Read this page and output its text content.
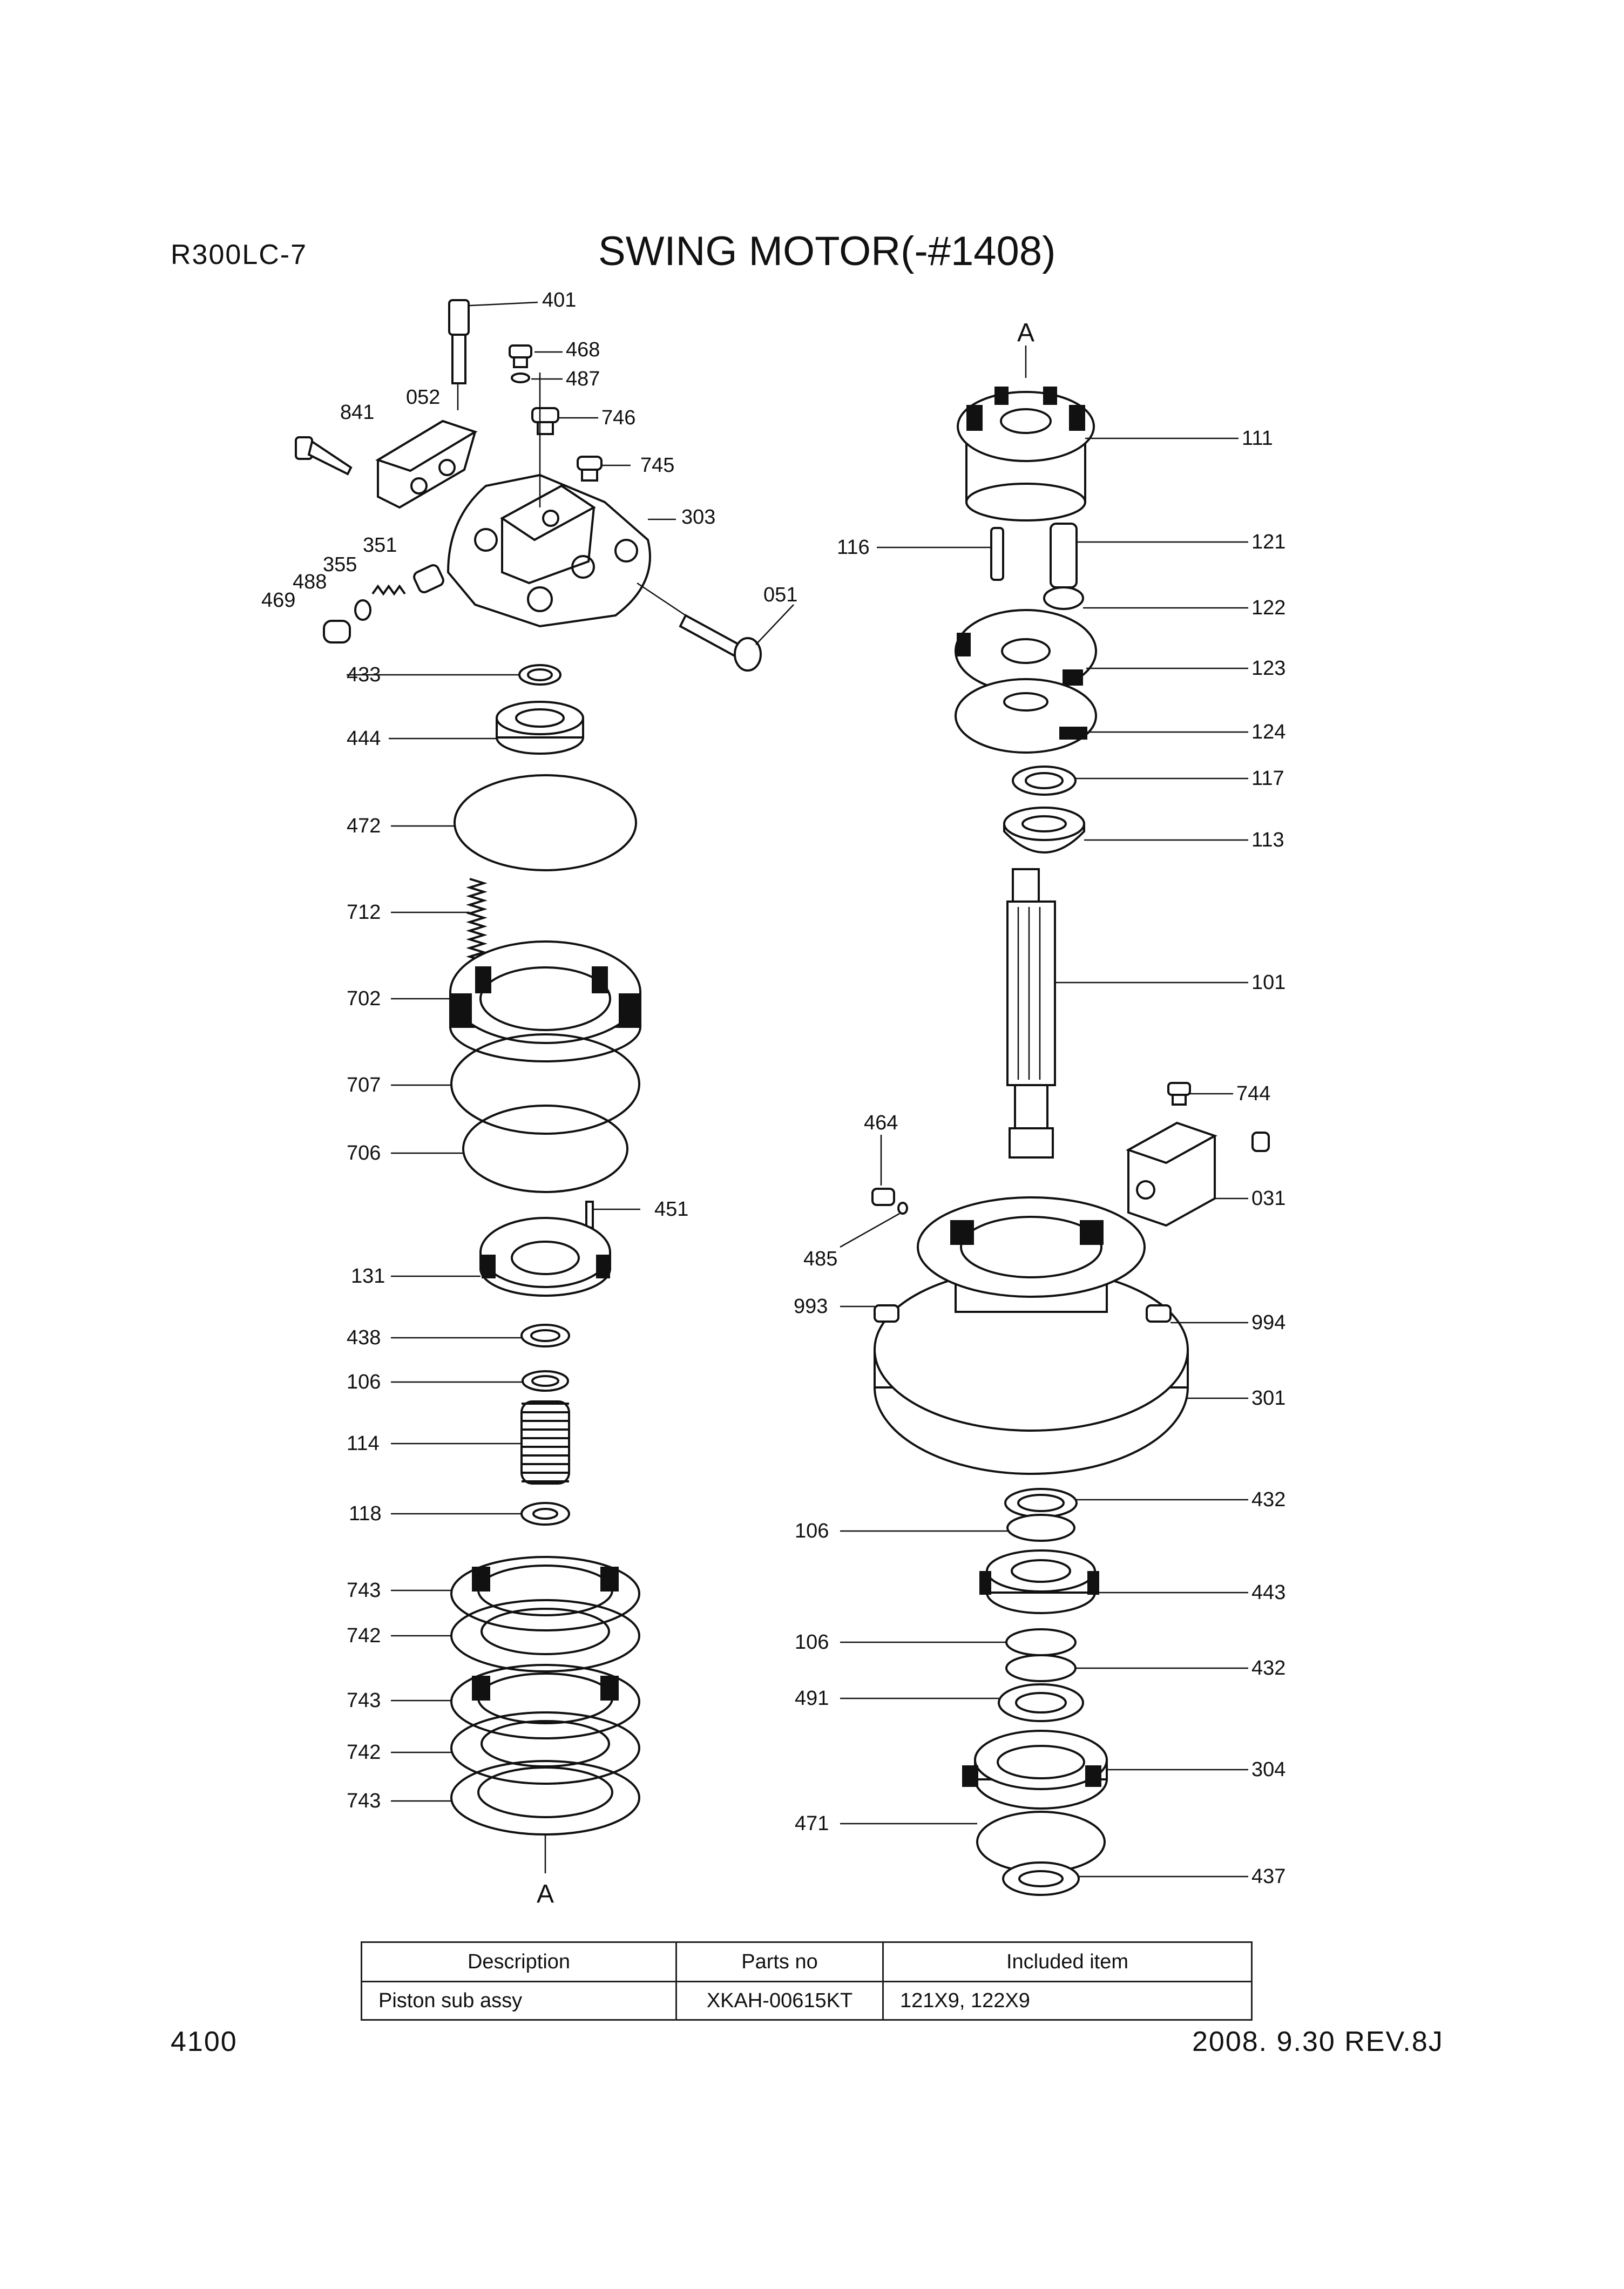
R300LC-7	SWING MOTOR(-#1408)
401
468
487
841
052
746
745
303
351
355
488
469	051
433
444
472
712
702
707
706
451
131
438
106
114
118
743
742
743
742
743
111
116	121
122
123
124
117
113
101
744
464
031
485
993
994
301
432
106
443
106
432
491
304
471
437
A
A
Description	Parts no	Included item
Piston sub assy	XKAH-00615KT	121X9, 122X9
4100	2008. 9.30 REV.8J
